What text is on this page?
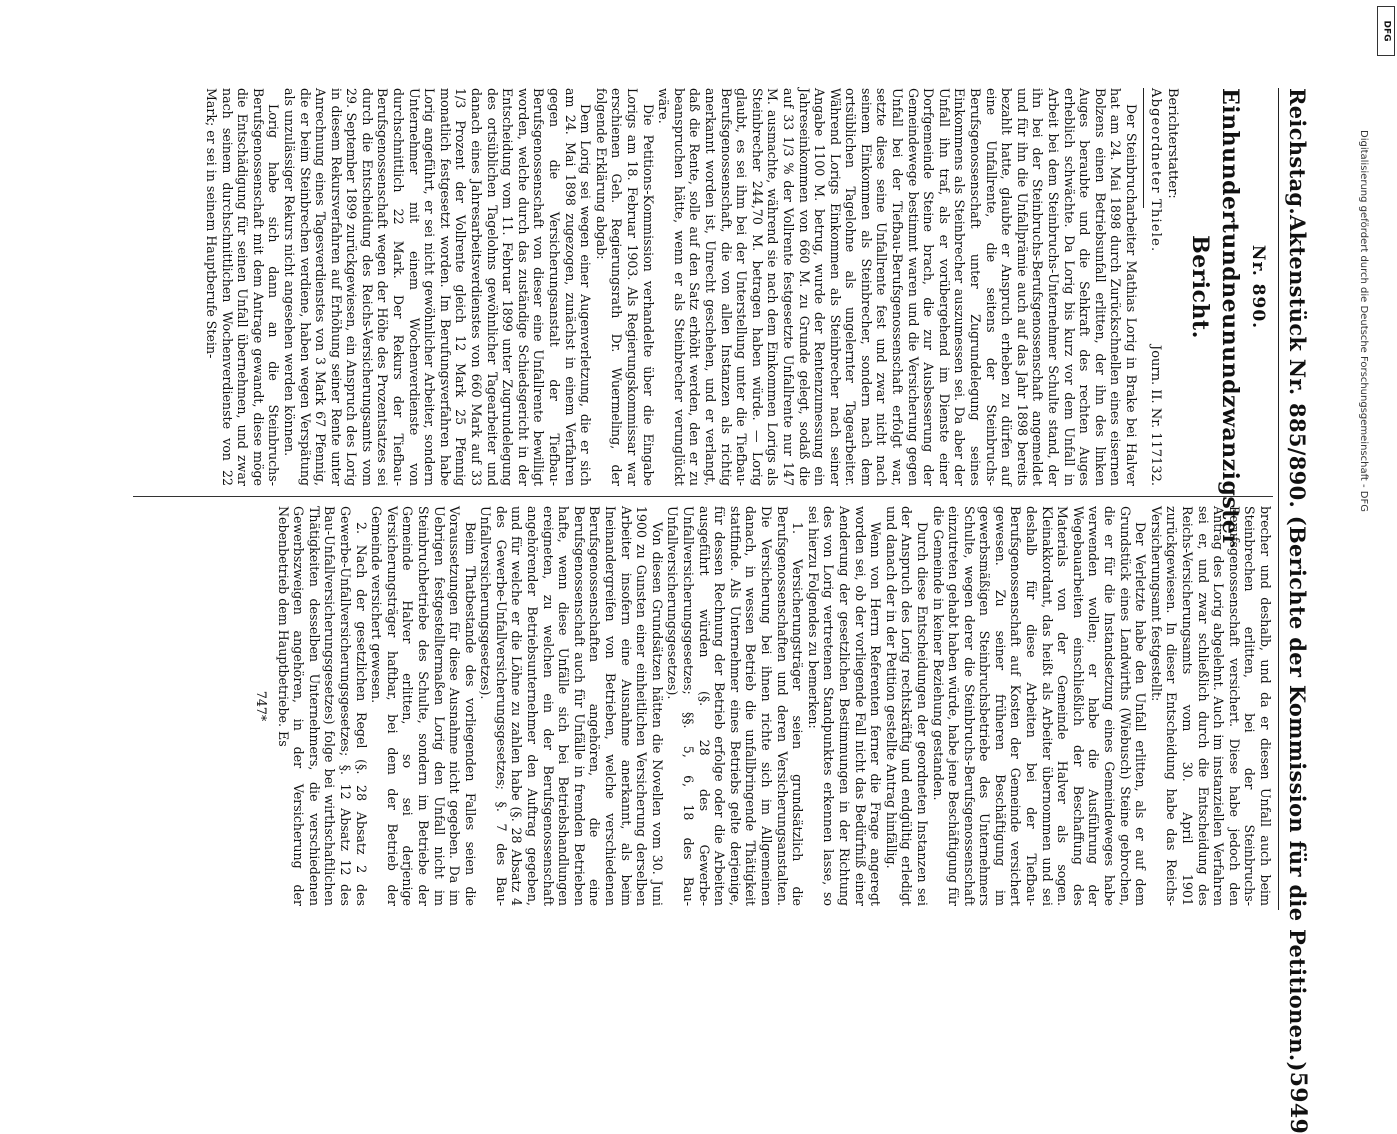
Reichstag.
Aktenstück Nr. 885/890. (Berichte der Kommission für die Petitionen.)
5949
Nr. 890.
Einhundertundneunundzwanzigster Bericht.
Berichterstatter:
Abgeordneter Thiele.
Journ. II. Nr. 117132.

Der Steinbrucharbeiter Mathias Lorig in Brake bei Halver hat am 24. Mai 1898 durch Zurückschnellen eines eisernen Bolzens einen Betriebsunfall erlitten, der ihn des linken Auges beraubte und die Sehkraft des rechten Auges erheblich schwächte. Da Lorig bis kurz vor dem Unfall in Arbeit bei dem Steinbruchs-Unternehmer Schulte stand, der ihn bei der Steinbruchs-Berufsgenossenschaft angemeldet und für ihn die Unfallprämie auch auf das Jahr 1898 bereits bezahlt hatte, glaubte er Anspruch erheben zu dürfen auf eine Unfallrente, die seitens der Steinbruchs-Berufsgenossenschaft unter Zugrundelegung seines Einkommens als Steinbrecher auszumessen sei. Da aber der Unfall ihn traf, als er vorübergehend im Dienste einer Dorfgemeinde Steine brach, die zur Ausbesserung der Gemeindewege bestimmt waren und die Versicherung gegen Unfall bei der Tiefbau-Berufsgenossenschaft erfolgt war, setzte diese seine Unfallrente fest und zwar nicht nach seinem Einkommen als Steinbrecher, sondern nach dem ortsüblichen Tagelohne als ungelernter Tagearbeiter. Während Lorigs Einkommen als Steinbrecher nach seiner Angabe 1100 M. betrug, wurde der Rentenzumessung ein Jahreseinkommen von 660 M. zu Grunde gelegt, sodaß die auf 33 1/3 % der Vollrente festgesetzte Unfallrente nur 147 M. ausmachte, während sie nach dem Einkommen Lorigs als Steinbrecher 244,70 M. betragen haben würde. — Lorig glaubt, es sei ihm bei der Unterstellung unter die Tiefbau-Berufsgenossenschaft, die von allen Instanzen als richtig anerkannt worden ist, Unrecht geschehen, und er verlangt, daß die Rente, solle auf den Satz erhöht werden, den er zu beanspruchen hätte, wenn er als Steinbrecher verunglückt wäre.

Die Petitions-Kommission verhandelte über die Eingabe Lorigs am 18. Februar 1903. Als Regierungskommissar war erschienen Geh. Regierungsrath Dr. Wuermeling, der folgende Erklärung abgab:

Dem Lorig sei wegen einer Augenverletzung, die er sich am 24. Mai 1898 zugezogen, zunächst in einem Verfahren gegen die Versicherungsanstalt der Tiefbau-Berufsgenossenschaft von dieser eine Unfallrente bewilligt worden, welche durch das zuständige Schiedsgericht in der Entscheidung vom 11. Februar 1899 unter Zugrundelegung des ortsüblichen Tagelohns gewöhnlicher Tagearbeiter und danach eines Jahresarbeitsverdienstes von 660 Mark auf 33 1/3 Prozent der Vollrente gleich 12 Mark 25 Pfennig monatlich festgesetzt worden. Im Berufungsverfahren habe Lorig angeführt, er sei nicht gewöhnlicher Arbeiter, sondern Unternehmer mit einem Wochenverdienste von durchschnittlich 22 Mark. Der Rekurs der Tiefbau-Berufsgenossenschaft wegen der Höhe des Prozentsatzes sei durch die Entscheidung des Reichs-Versicherungsamts vom 29. September 1899 zurückgewiesen, ein Anspruch des Lorig in diesem Rekursverfahren auf Erhöhung seiner Rente unter Anrechnung eines Tagesverdienstes von 3 Mark 67 Pfennig, die er beim Steinbrechen verdiene, haben wegen Verspätung als unzulässiger Rekurs nicht angesehen werden können.

Lorig habe sich dann an die Steinbruchs-Berufsgenossenschaft mit dem Antrage gewandt, diese möge die Entschädigung für seinen Unfall übernehmen, und zwar nach seinem durchschnittlichen Wochenverdienste von 22 Mark; er sei in seinem Hauptberufe Stein-

brecher und deshalb, und da er diesen Unfall auch beim Steinbrechen erlitten, bei der Steinbruchs-Berufsgenossenschaft versichert. Diese habe jedoch den Antrag des Lorig abgelehnt. Auch im instanziellen Verfahren sei er, und zwar schließlich durch die Entscheidung des Reichs-Versicherungsamts vom 30. April 1901 zurückgewiesen. In dieser Entscheidung habe das Reichs-Versicherungsamt festgestellt:

Der Verletzte habe den Unfall erlitten, als er auf dem Grundstück eines Landwirths (Wiebusch) Steine gebrochen, die er für die Instandsetzung eines Gemeindeweges habe verwenden wollen; er habe die Ausführung der Wegebauarbeiten einschließlich der Beschaffung des Materials von der Gemeinde Halver als sogen. Kleinakkordant, das heißt als Arbeiter übernommen und sei deshalb für diese Arbeiten bei der Tiefbau-Berufsgenossenschaft auf Kosten der Gemeinde versichert gewesen. Zu seiner früheren Beschäftigung im gewerbsmäßigen Steinbruchsbetriebe des Unternehmers Schulte, wegen derer die Steinbruchs-Berufsgenossenschaft einzutreten gehabt haben würde, habe jene Beschäftigung für die Gemeinde in keiner Beziehung gestanden.

Durch diese Entscheidungen der geordneten Instanzen sei der Anspruch des Lorig rechtskräftig und endgültig erledigt und danach der in der Petition gestellte Antrag hinfällig.

Wenn von Herrn Referenten ferner die Frage angeregt worden sei, ob der vorliegende Fall nicht das Bedürfniß einer Aenderung der gesetzlichen Bestimmungen in der Richtung des von Lorig vertretenen Standpunktes erkennen lasse, so sei hierzu Folgendes zu bemerken:

1. Versicherungsträger seien grundsätzlich die Berufsgenossenschaften und deren Versicherungsanstalten. Die Versicherung bei ihnen richte sich im Allgemeinen danach, in wessen Betrieb die unfallbringende Thätigkeit stattfinde. Als Unternehmer eines Betriebs gelte derjenige, für dessen Rechnung der Betrieb erfolge oder die Arbeiten ausgeführt würden (§. 28 des Gewerbe-Unfallversicherungsgesetzes; §§. 5, 6, 18 des Bau-Unfallversicherungsgesetzes).

Von diesen Grundsätzen hätten die Novellen vom 30. Juni 1900 zu Gunsten einer einheitlichen Versicherung derselben Arbeiter insofern eine Ausnahme anerkannt, als beim Ineinandergreifen von Betrieben, welche verschiedenen Berufsgenossenschaften angehören, die eine Berufsgenossenschaft auch für Unfälle in fremden Betrieben hafte, wenn diese Unfälle sich bei Betriebshandlungen ereigneten, zu welchen ein der Berufsgenossenschaft angehörender Betriebsunternehmer den Auftrag gegeben, und für welche er die Löhne zu zahlen habe (§. 28 Absatz 4 des Gewerbe-Unfallversicherungsgesetzes; §. 7 des Bau-Unfallversicherungsgesetzes).

Beim Thatbestande des vorliegenden Falles seien die Voraussetzungen für diese Ausnahme nicht gegeben. Da im Uebrigen festgestelltermaßen Lorig den Unfall nicht im Steinbruchbetriebe des Schulte, sondern im Betriebe der Gemeinde Halver erlitten, so sei derjenige Versicherungsträger haftbar, bei dem der Betrieb der Gemeinde versichert gewesen.

2. Nach der gesetzlichen Regel (§. 28 Absatz 2 des Gewerbe-Unfallversicherungsgesetzes; §. 12 Absatz 12 des Bau-Unfallversicherungsgesetzes) folge bei wirthschaftlichen Thätigkeiten desselben Unternehmers, die verschiedenen Gewerbszweigen angehören, in der Versicherung der Nebenbetrieb dem Hauptbetriebe. Es

747*
DFG
Digitalisierung gefördert durch die Deutsche Forschungsgemeinschaft - DFG
